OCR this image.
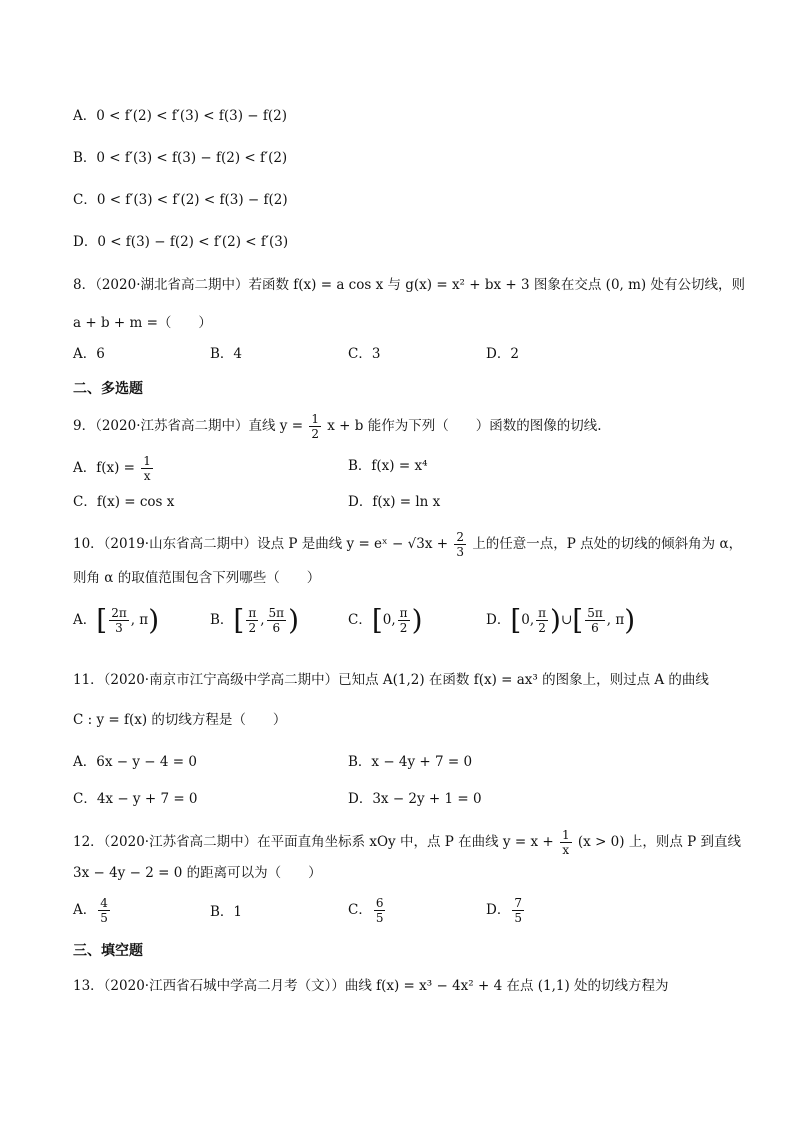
A．0 < f′(2) < f′(3) < f(3) − f(2)
B．0 < f′(3) < f(3) − f(2) < f′(2)
C．0 < f′(3) < f′(2) < f(3) − f(2)
D．0 < f(3) − f(2) < f′(2) < f′(3)
8．（2020·湖北省高二期中）若函数 f(x) = a cos x 与 g(x) = x² + bx + 3 图象在交点 (0, m) 处有公切线，则
a + b + m =（　　）
A．6	B．4	C．3	D．2
二、多选题
9．（2020·江苏省高二期中）直线 $y = \frac{1}{2}$ x + b 能作为下列（　　）函数的图像的切线.
A．$f(x) = \frac{1}{x}$	B．f(x) = x⁴
C．f(x) = cos x	D．f(x) = ln x
10．（2019·山东省高二期中）设点 P 是曲线 y = eˣ − $√3x + \frac{2}{3}$ 上的任意一点，P 点处的切线的倾斜角为 α，
则角 α 的取值范围包含下列哪些（　　）
A．[ $\frac{2\pi}{3}$ , π)	B．[ $\frac{\pi}{2}$ , $\frac{5\pi}{6}$ )	C．[0, $\frac{\pi}{2}$ )	D．[0, $\frac{\pi}{2}$ )∪[ $\frac{5\pi}{6}$ , π)
11．（2020·南京市江宁高级中学高二期中）已知点 A(1,2) 在函数 f(x) = ax³ 的图象上，则过点 A 的曲线
C : y = f(x) 的切线方程是（　　）
A．6x − y − 4 = 0	B．x − 4y + 7 = 0
C．4x − y + 7 = 0	D．3x − 2y + 1 = 0
12．（2020·江苏省高二期中）在平面直角坐标系 xOy 中，点 P 在曲线 $y = x + \frac{1}{x} (x > 0)$ 上，则点 P 到直线
3x − 4y − 2 = 0 的距离可以为（　　）
A． $\frac{4}{5}$	B．1	C． $\frac{6}{5}$	D． $\frac{7}{5}$
三、填空题
13．（2020·江西省石城中学高二月考（文））曲线 f(x) = x³ − 4x² + 4 在点 (1,1) 处的切线方程为
